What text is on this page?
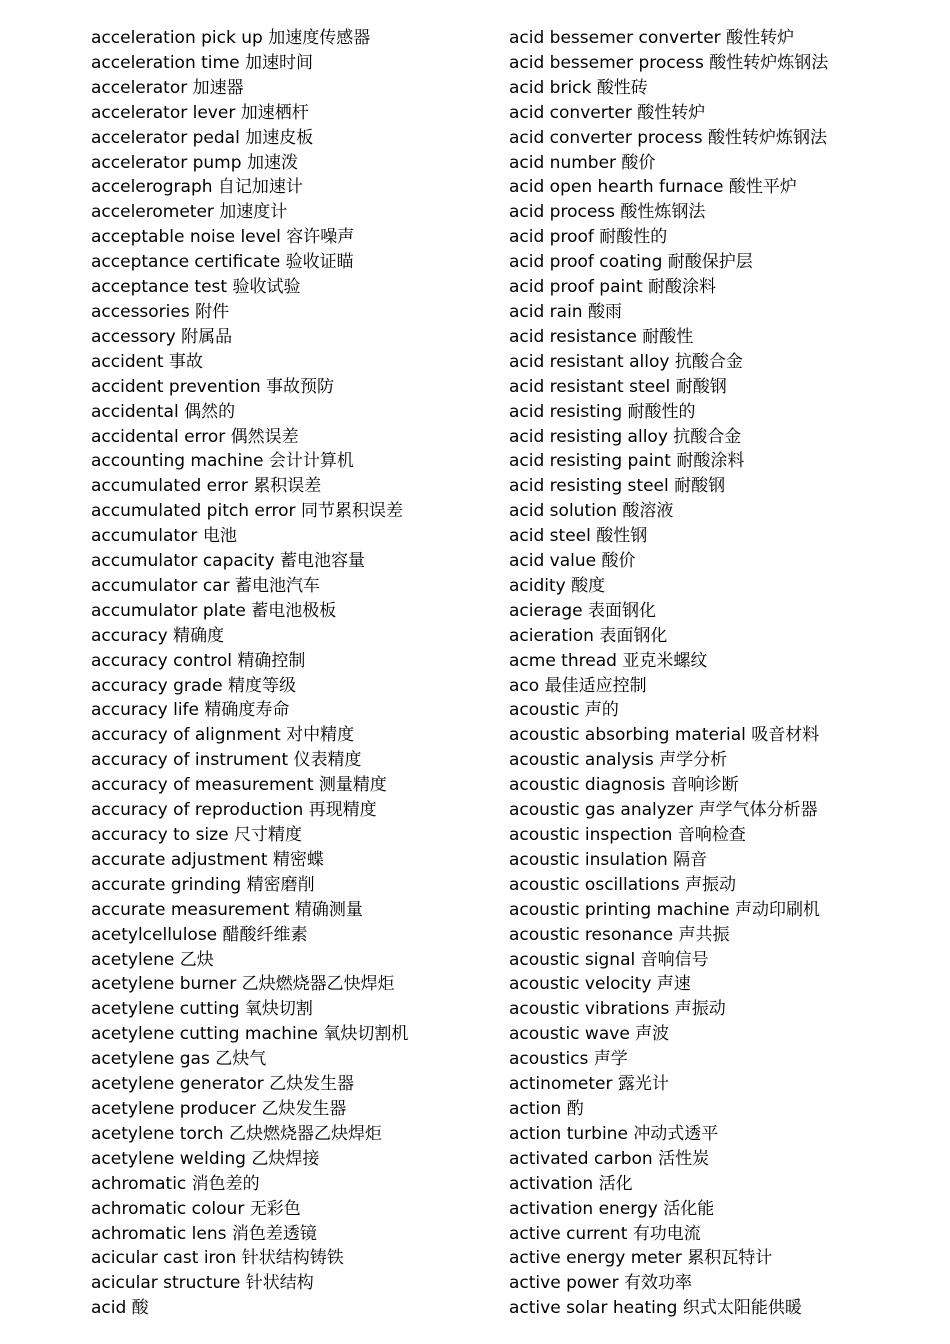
acceleration pick up 加速度传感器
acceleration time 加速时间
accelerator 加速器
accelerator lever 加速栖杆
accelerator pedal 加速皮板
accelerator pump 加速泼
accelerograph 自记加速计
accelerometer 加速度计
acceptable noise level 容许噪声
acceptance certificate 验收证瞄
acceptance test 验收试验
accessories 附件
accessory 附属品
accident 事故
accident prevention 事故预防
accidental 偶然的
accidental error 偶然误差
accounting machine 会计计算机
accumulated error 累积误差
accumulated pitch error 同节累积误差
accumulator 电池
accumulator capacity 蓄电池容量
accumulator car 蓄电池汽车
accumulator plate 蓄电池极板
accuracy 精确度
accuracy control 精确控制
accuracy grade 精度等级
accuracy life 精确度寿命
accuracy of alignment 对中精度
accuracy of instrument 仪表精度
accuracy of measurement 测量精度
accuracy of reproduction 再现精度
accuracy to size 尺寸精度
accurate adjustment 精密蝶
accurate grinding 精密磨削
accurate measurement 精确测量
acetylcellulose 醋酸纤维素
acetylene 乙炔
acetylene burner 乙炔燃烧器乙快焊炬
acetylene cutting 氧炔切割
acetylene cutting machine 氧炔切割机
acetylene gas 乙炔气
acetylene generator 乙炔发生器
acetylene producer 乙炔发生器
acetylene torch 乙炔燃烧器乙炔焊炬
acetylene welding 乙炔焊接
achromatic 消色差的
achromatic colour 无彩色
achromatic lens 消色差透镜
acicular cast iron 针状结构铸铁
acicular structure 针状结构
acid 酸
acid bessemer converter 酸性转炉
acid bessemer process 酸性转炉炼钢法
acid brick 酸性砖
acid converter 酸性转炉
acid converter process 酸性转炉炼钢法
acid number 酸价
acid open hearth furnace 酸性平炉
acid process 酸性炼钢法
acid proof 耐酸性的
acid proof coating 耐酸保护层
acid proof paint 耐酸涂料
acid rain 酸雨
acid resistance 耐酸性
acid resistant alloy 抗酸合金
acid resistant steel 耐酸钢
acid resisting 耐酸性的
acid resisting alloy 抗酸合金
acid resisting paint 耐酸涂料
acid resisting steel 耐酸钢
acid solution 酸溶液
acid steel 酸性钢
acid value 酸价
acidity 酸度
acierage 表面钢化
acieration 表面钢化
acme thread 亚克米螺纹
aco 最佳适应控制
acoustic 声的
acoustic absorbing material 吸音材料
acoustic analysis 声学分析
acoustic diagnosis 音响诊断
acoustic gas analyzer 声学气体分析器
acoustic inspection 音响检查
acoustic insulation 隔音
acoustic oscillations 声振动
acoustic printing machine 声动印刷机
acoustic resonance 声共振
acoustic signal 音响信号
acoustic velocity 声速
acoustic vibrations 声振动
acoustic wave 声波
acoustics 声学
actinometer 露光计
action 酌
action turbine 冲动式透平
activated carbon 活性炭
activation 活化
activation energy 活化能
active current 有功电流
active energy meter 累积瓦特计
active power 有效功率
active solar heating 织式太阳能供暖
